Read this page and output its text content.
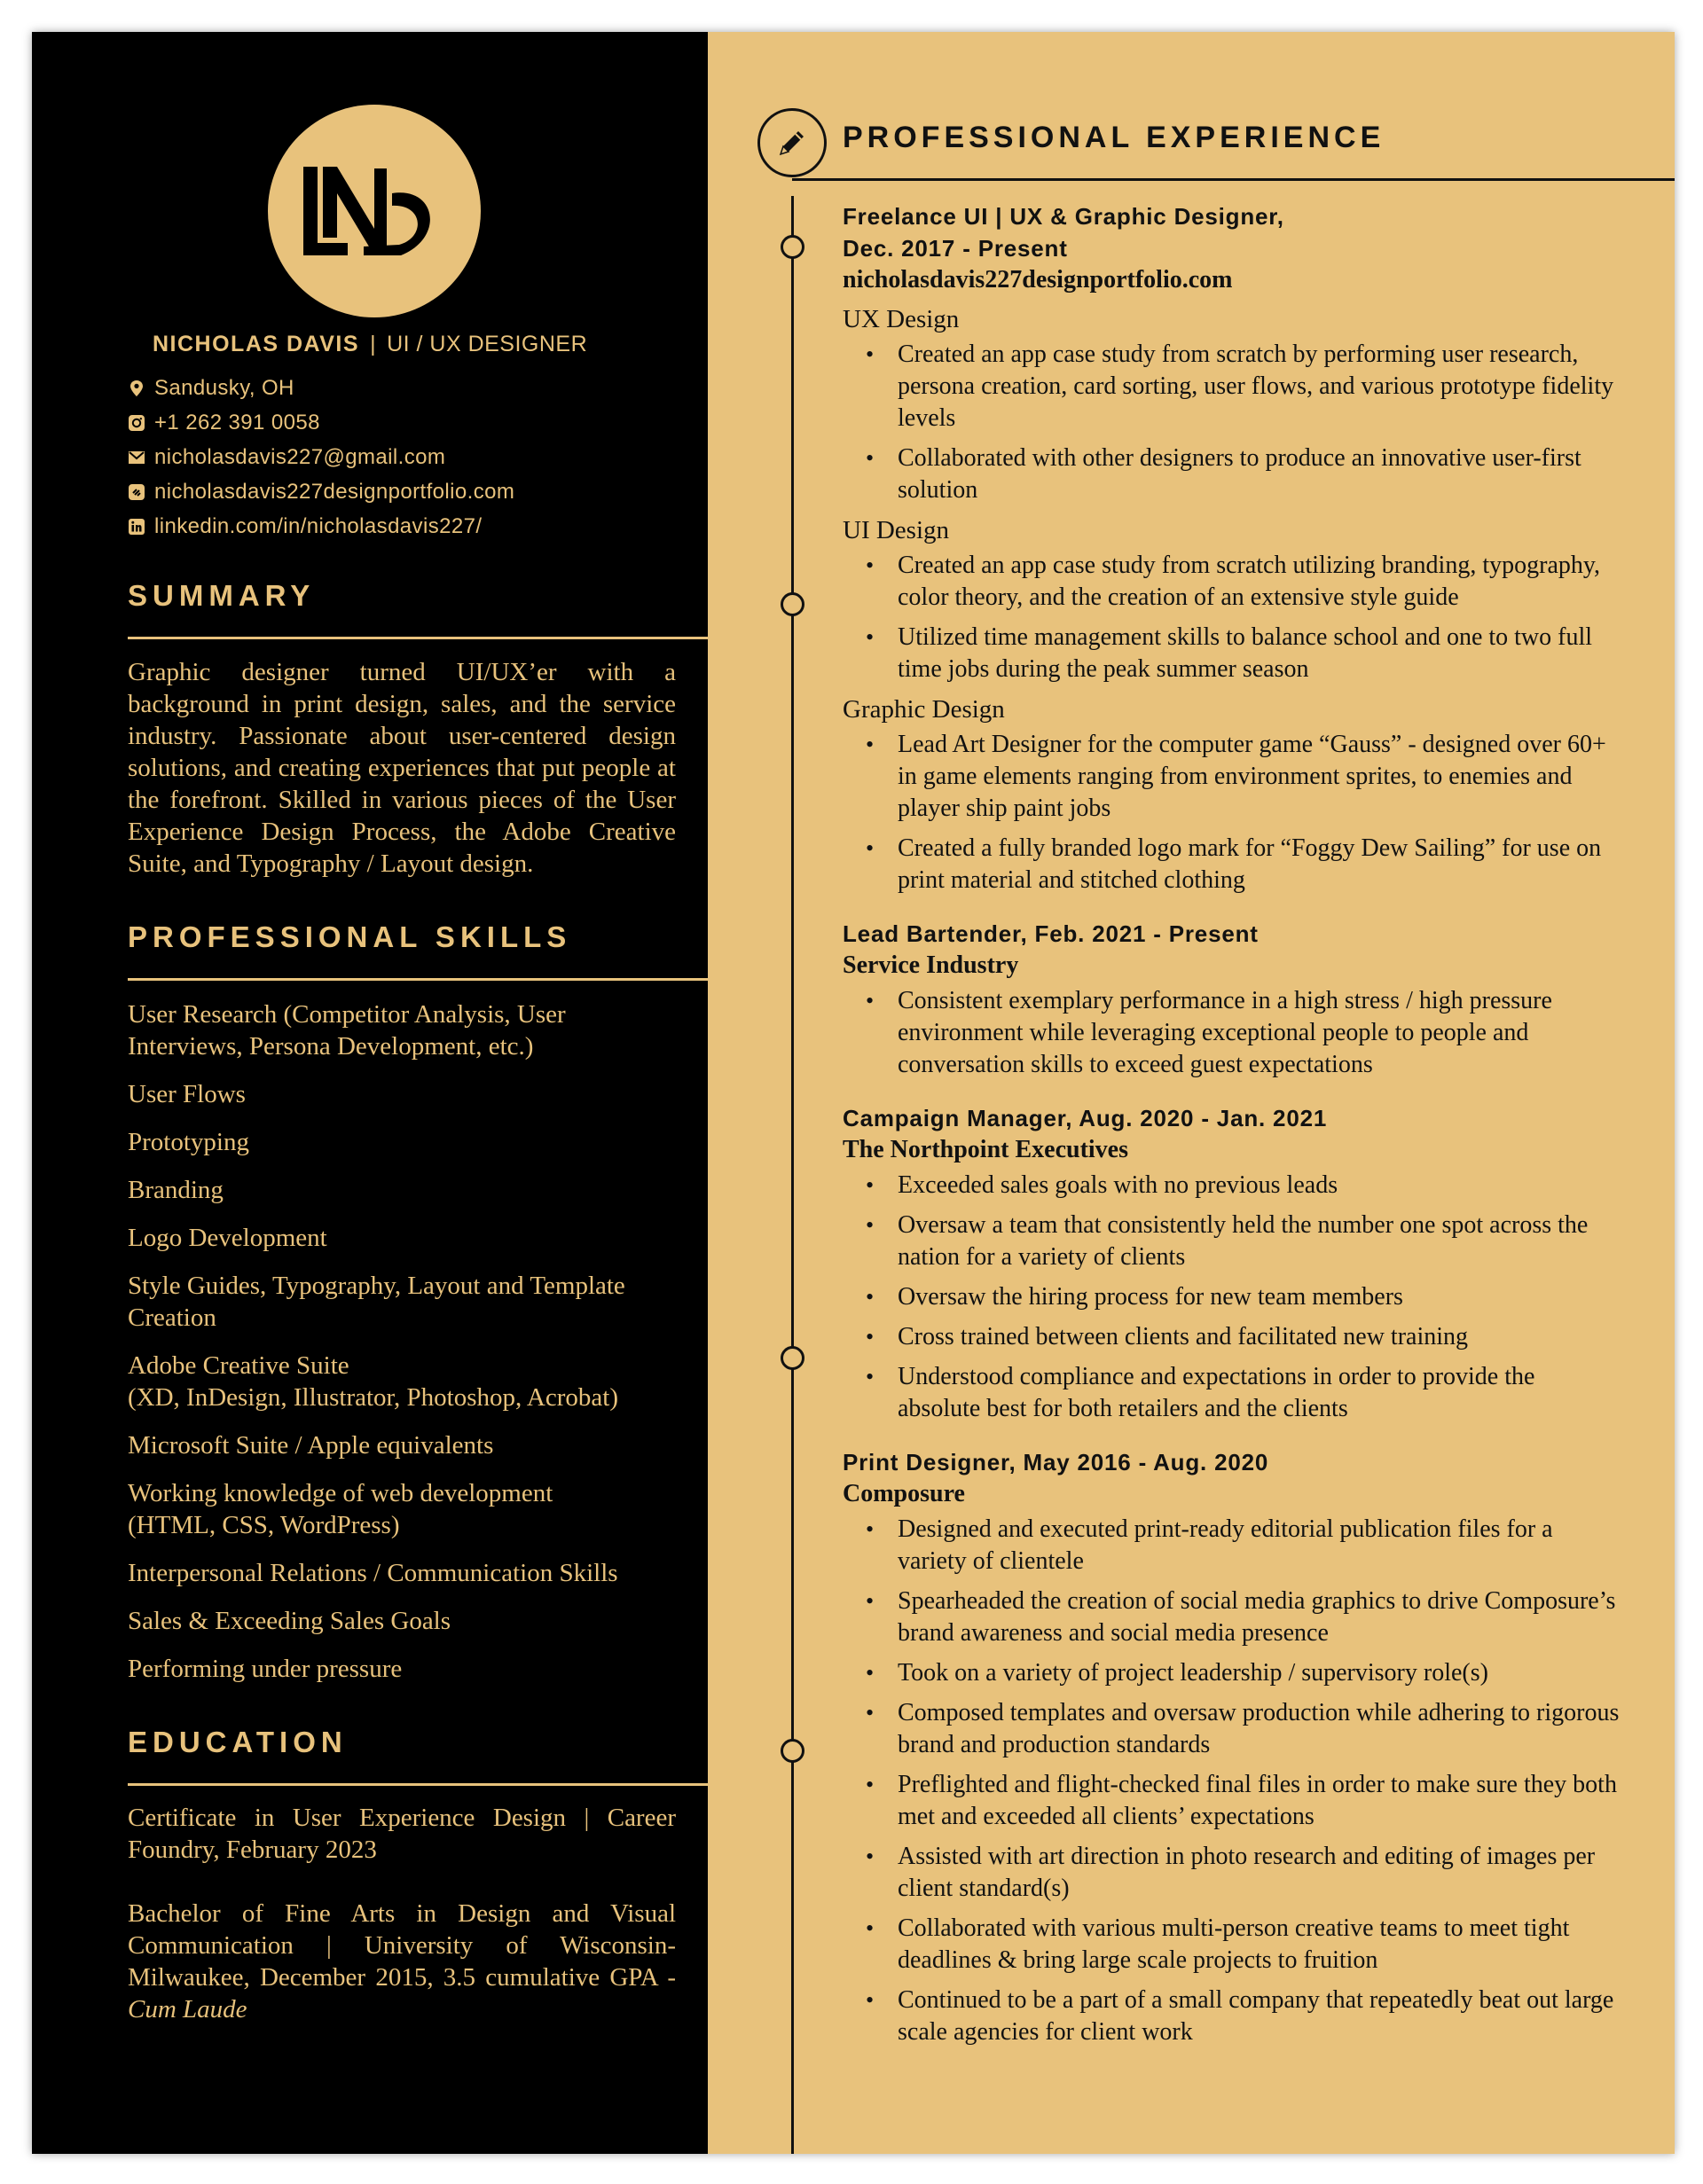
NICHOLAS DAVIS | UI / UX DESIGNER
Sandusky, OH
+1 262 391 0058
nicholasdavis227@gmail.com
nicholasdavis227designportfolio.com
linkedin.com/in/nicholasdavis227/
SUMMARY
Graphic designer turned UI/UX’er with a background in print design, sales, and the service industry. Passionate about user-centered design solutions, and creating experiences that put people at the forefront. Skilled in various pieces of the User Experience Design Process, the Adobe Creative Suite, and Typography / Layout design.
PROFESSIONAL SKILLS
User Research (Competitor Analysis, User
Interviews, Persona Development, etc.)
User Flows
Prototyping
Branding
Logo Development
Style Guides, Typography, Layout and Template
Creation
Adobe Creative Suite
(XD, InDesign, Illustrator, Photoshop, Acrobat)
Microsoft Suite / Apple equivalents
Working knowledge of web development
(HTML, CSS, WordPress)
Interpersonal Relations / Communication Skills
Sales & Exceeding Sales Goals
Performing under pressure
EDUCATION
Certificate in User Experience Design | Career Foundry, February 2023
Bachelor of Fine Arts in Design and Visual Communication | University of Wisconsin-Milwaukee, December 2015, 3.5 cumulative GPA - Cum Laude
PROFESSIONAL EXPERIENCE
Freelance UI | UX & Graphic Designer,
Dec. 2017 - Present
nicholasdavis227designportfolio.com
UX Design
• Created an app case study from scratch by performing user research, persona creation, card sorting, user flows, and various prototype fidelity levels
• Collaborated with other designers to produce an innovative user-first solution
UI Design
• Created an app case study from scratch utilizing branding, typography, color theory, and the creation of an extensive style guide
• Utilized time management skills to balance school and one to two full time jobs during the peak summer season
Graphic Design
• Lead Art Designer for the computer game “Gauss” - designed over 60+ in game elements ranging from environment sprites, to enemies and player ship paint jobs
• Created a fully branded logo mark for “Foggy Dew Sailing” for use on print material and stitched clothing
Lead Bartender, Feb. 2021 - Present
Service Industry
• Consistent exemplary performance in a high stress / high pressure environment while leveraging exceptional people to people and conversation skills to exceed guest expectations
Campaign Manager, Aug. 2020 - Jan. 2021
The Northpoint Executives
• Exceeded sales goals with no previous leads
• Oversaw a team that consistently held the number one spot across the nation for a variety of clients
• Oversaw the hiring process for new team members
• Cross trained between clients and facilitated new training
• Understood compliance and expectations in order to provide the absolute best for both retailers and the clients
Print Designer, May 2016 - Aug. 2020
Composure
• Designed and executed print-ready editorial publication files for a variety of clientele
• Spearheaded the creation of social media graphics to drive Composure’s brand awareness and social media presence
• Took on a variety of project leadership / supervisory role(s)
• Composed templates and oversaw production while adhering to rigorous brand and production standards
• Preflighted and flight-checked final files in order to make sure they both met and exceeded all clients’ expectations
• Assisted with art direction in photo research and editing of images per client standard(s)
• Collaborated with various multi-person creative teams to meet tight deadlines & bring large scale projects to fruition
• Continued to be a part of a small company that repeatedly beat out large scale agencies for client work
